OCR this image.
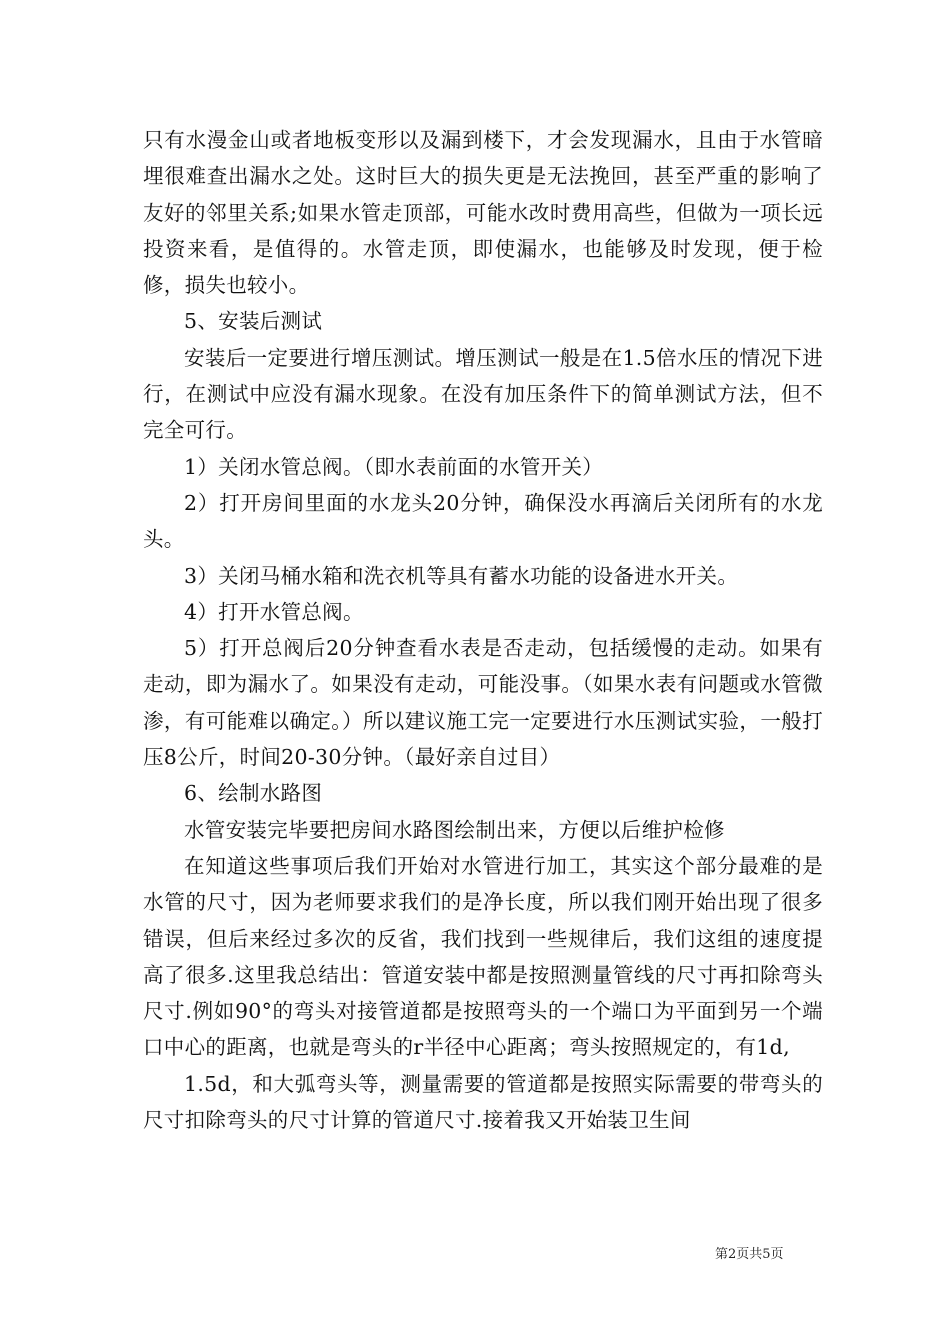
只有水漫金山或者地板变形以及漏到楼下，才会发现漏水，且由于水管暗埋很难查出漏水之处。这时巨大的损失更是无法挽回，甚至严重的影响了友好的邻里关系;如果水管走顶部，可能水改时费用高些，但做为一项长远投资来看，是值得的。水管走顶，即使漏水，也能够及时发现，便于检修，损失也较小。

5、安装后测试

安装后一定要进行增压测试。增压测试一般是在1.5倍水压的情况下进行，在测试中应没有漏水现象。在没有加压条件下的简单测试方法，但不完全可行。

1）关闭水管总阀。（即水表前面的水管开关）

2）打开房间里面的水龙头20分钟，确保没水再滴后关闭所有的水龙头。

3）关闭马桶水箱和洗衣机等具有蓄水功能的设备进水开关。

4）打开水管总阀。

5）打开总阀后20分钟查看水表是否走动，包括缓慢的走动。如果有走动，即为漏水了。如果没有走动，可能没事。（如果水表有问题或水管微渗，有可能难以确定。）所以建议施工完一定要进行水压测试实验，一般打压8公斤，时间20-30分钟。（最好亲自过目）

6、绘制水路图

水管安装完毕要把房间水路图绘制出来，方便以后维护检修

在知道这些事项后我们开始对水管进行加工，其实这个部分最难的是水管的尺寸，因为老师要求我们的是净长度，所以我们刚开始出现了很多错误，但后来经过多次的反省，我们找到一些规律后，我们这组的速度提高了很多.这里我总结出：管道安装中都是按照测量管线的尺寸再扣除弯头尺寸.例如90°的弯头对接管道都是按照弯头的一个端口为平面到另一个端口中心的距离，也就是弯头的r半径中心距离；弯头按照规定的，有1d,

1.5d，和大弧弯头等，测量需要的管道都是按照实际需要的带弯头的尺寸扣除弯头的尺寸计算的管道尺寸.接着我又开始装卫生间

第2页共5页
